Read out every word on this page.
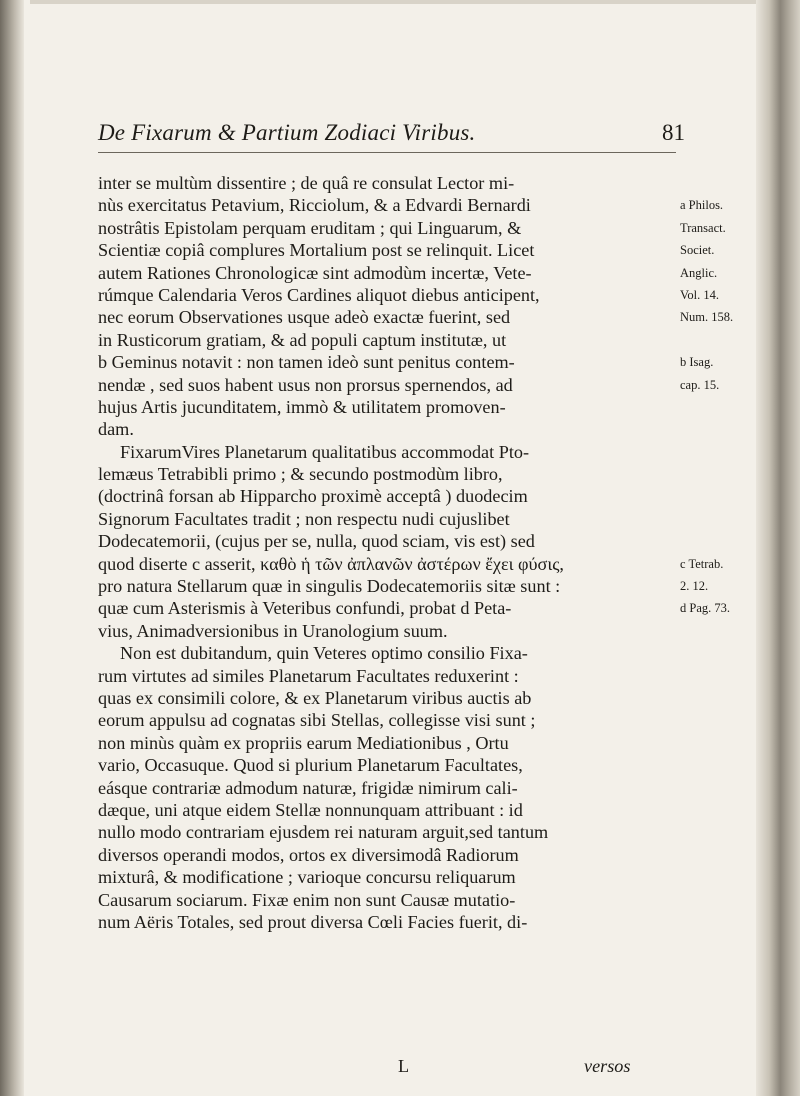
De Fixarum & Partium Zodiaci Viribus.	81
inter se multùm dissentire ; de quâ re consulat Lector mi-
nùs exercitatus Petavium, Ricciolum, & a Edvardi Bernardi
nostrâtis Epistolam perquam eruditam ; qui Linguarum, &
Scientiæ copiâ complures Mortalium post se relinquit. Licet
autem Rationes Chronologicæ sint admodùm incertæ, Vete-
rúmque Calendaria Veros Cardines aliquot diebus anticipent,
nec eorum Observationes usque adeò exactæ fuerint, sed
in Rusticorum gratiam, & ad populi captum institutæ, ut
b Geminus notavit : non tamen ideò sunt penitus contem-
nendæ , sed suos habent usus non prorsus spernendos, ad
hujus Artis jucunditatem, immò & utilitatem promoven-
dam.
FixarumVires Planetarum qualitatibus accommodat Pto-
lemæus Tetrabibli primo ; & secundo postmodùm libro,
(doctrinâ forsan ab Hipparcho proximè acceptâ ) duodecim
Signorum Facultates tradit ; non respectu nudi cujuslibet
Dodecatemorii, (cujus per se, nulla, quod sciam, vis est) sed
quod diserte c asserit, καθὸ ἡ τῶν ἀπλανῶν ἀστέρων ἔχει φύσις,
pro natura Stellarum quæ in singulis Dodecatemoriis sitæ sunt :
quæ cum Asterismis à Veteribus confundi, probat d Peta-
vius, Animadversionibus in Uranologium suum.
Non est dubitandum, quin Veteres optimo consilio Fixa-
rum virtutes ad similes Planetarum Facultates reduxerint :
quas ex consimili colore, & ex Planetarum viribus auctis ab
eorum appulsu ad cognatas sibi Stellas, collegisse visi sunt ;
non minùs quàm ex propriis earum Mediationibus , Ortu
vario, Occasuque. Quod si plurium Planetarum Facultates,
eásque contrariæ admodum naturæ, frigidæ nimirum cali-
dæque, uni atque eidem Stellæ nonnunquam attribuant : id
nullo modo contrariam ejusdem rei naturam arguit,sed tantum
diversos operandi modos, ortos ex diversimodâ Radiorum
mixturâ, & modificatione ; varioque concursu reliquarum
Causarum sociarum. Fixæ enim non sunt Causæ mutatio-
num Aëris Totales, sed prout diversa Cœli Facies fuerit, di-
a Philos.
Transact.
Societ.
Anglic.
Vol. 14.
Num. 158.
b Isag.
cap. 15.
c Tetrab.
2. 12.
d Pag. 73.
L	versos
